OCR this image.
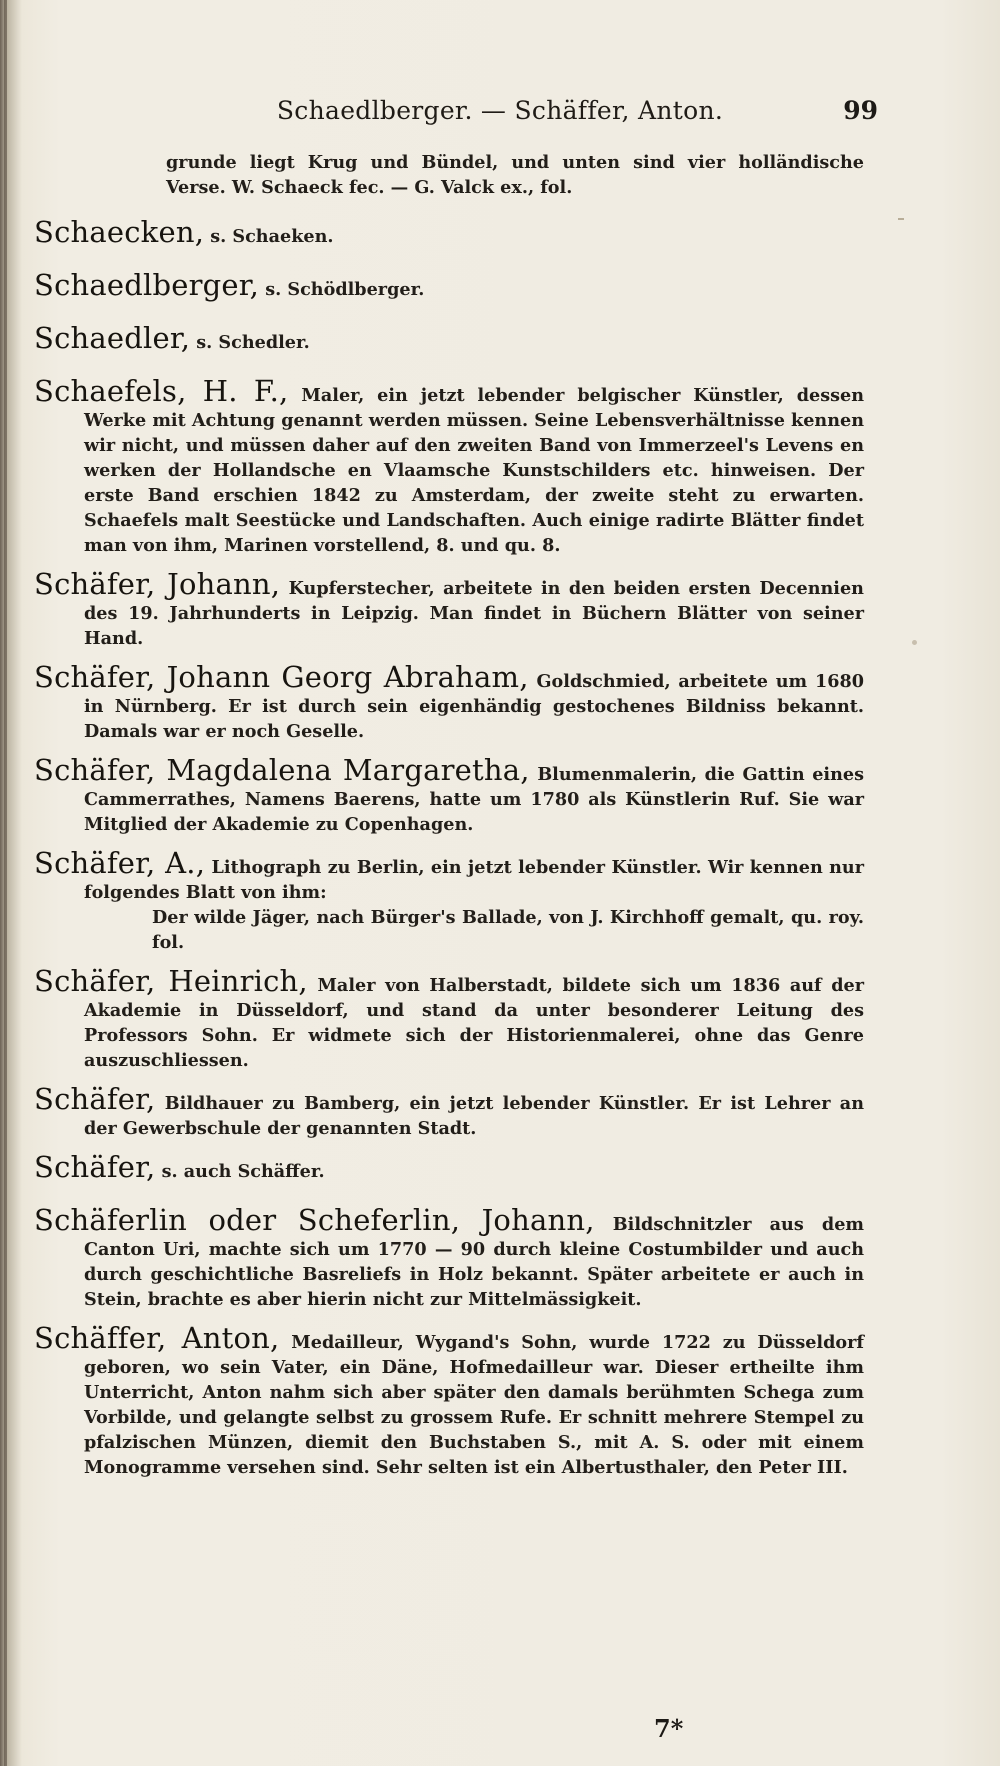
Schaedlberger. — Schäffer, Anton.	99

grunde liegt Krug und Bündel, und unten sind vier holländische Verse. W. Schaeck fec. — G. Valck ex., fol.

Schaecken, s. Schaeken.

Schaedlberger, s. Schödlberger.

Schaedler, s. Schedler.

Schaefels, H. F., Maler, ein jetzt lebender belgischer Künstler, dessen Werke mit Achtung genannt werden müssen. Seine Lebensverhältnisse kennen wir nicht, und müssen daher auf den zweiten Band von Immerzeel's Levens en werken der Hollandsche en Vlaamsche Kunstschilders etc. hinweisen. Der erste Band erschien 1842 zu Amsterdam, der zweite steht zu erwarten. Schaefels malt Seestücke und Landschaften. Auch einige radirte Blätter findet man von ihm, Marinen vorstellend, 8. und qu. 8.

Schäfer, Johann, Kupferstecher, arbeitete in den beiden ersten Decennien des 19. Jahrhunderts in Leipzig. Man findet in Büchern Blätter von seiner Hand.

Schäfer, Johann Georg Abraham, Goldschmied, arbeitete um 1680 in Nürnberg. Er ist durch sein eigenhändig gestochenes Bildniss bekannt. Damals war er noch Geselle.

Schäfer, Magdalena Margaretha, Blumenmalerin, die Gattin eines Cammerrathes, Namens Baerens, hatte um 1780 als Künstlerin Ruf. Sie war Mitglied der Akademie zu Copenhagen.

Schäfer, A., Lithograph zu Berlin, ein jetzt lebender Künstler. Wir kennen nur folgendes Blatt von ihm:
Der wilde Jäger, nach Bürger's Ballade, von J. Kirchhoff gemalt, qu. roy. fol.

Schäfer, Heinrich, Maler von Halberstadt, bildete sich um 1836 auf der Akademie in Düsseldorf, und stand da unter besonderer Leitung des Professors Sohn. Er widmete sich der Historienmalerei, ohne das Genre auszuschliessen.

Schäfer, Bildhauer zu Bamberg, ein jetzt lebender Künstler. Er ist Lehrer an der Gewerbschule der genannten Stadt.

Schäfer, s. auch Schäffer.

Schäferlin oder Scheferlin, Johann, Bildschnitzler aus dem Canton Uri, machte sich um 1770 — 90 durch kleine Costumbilder und auch durch geschichtliche Basreliefs in Holz bekannt. Später arbeitete er auch in Stein, brachte es aber hierin nicht zur Mittelmässigkeit.

Schäffer, Anton, Medailleur, Wygand's Sohn, wurde 1722 zu Düsseldorf geboren, wo sein Vater, ein Däne, Hofmedailleur war. Dieser ertheilte ihm Unterricht, Anton nahm sich aber später den damals berühmten Schega zum Vorbilde, und gelangte selbst zu grossem Rufe. Er schnitt mehrere Stempel zu pfalzischen Münzen, diemit den Buchstaben S., mit A. S. oder mit einem Monogramme versehen sind. Sehr selten ist ein Albertusthaler, den Peter III.

7*
